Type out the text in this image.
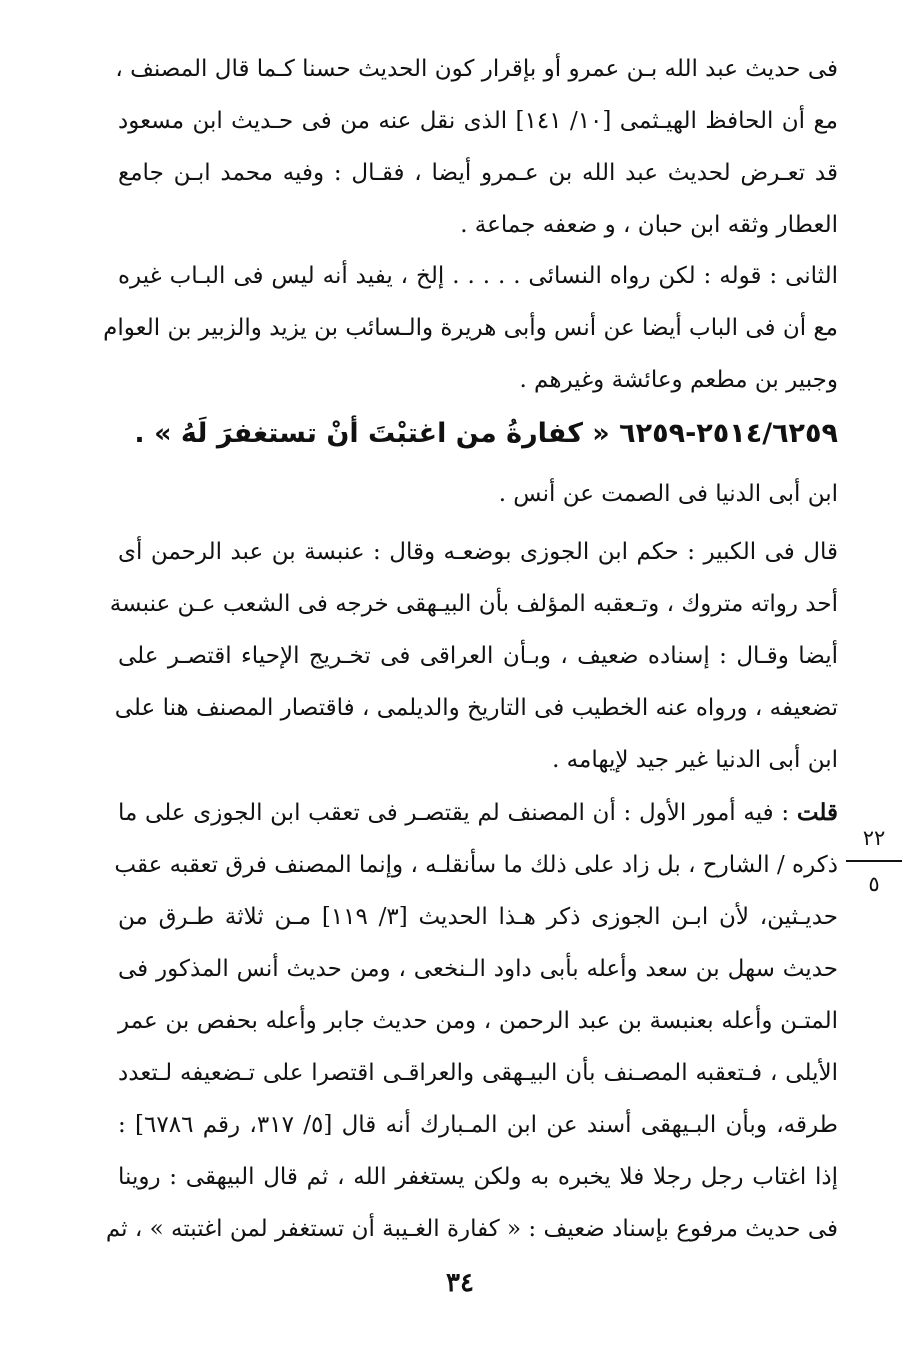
فى حديث عبد الله بـن عمرو أو بإقرار كون الحديث حسنا كـما قال المصنف ،
مع أن الحافظ الهيـثمى [١٠/ ١٤١] الذى نقل عنه من فى حـديث ابن مسعود
قد تعـرض لحديث عبد الله بن عـمرو أيضا ، فقـال : وفيه محمد ابـن جامع
العطار وثقه ابن حبان ، و ضعفه جماعة .
الثانى : قوله : لكن رواه النسائى . . . . . إلخ ، يفيد أنه ليس فى البـاب غيره
مع أن فى الباب أيضا عن أنس وأبى هريرة والـسائب بن يزيد والزبير بن العوام
وجبير بن مطعم وعائشة وغيرهم .
٢٥١٤/٦٢٥٩-٦٢٥٩ « كفارةُ من اغتبْتَ أنْ تستغفرَ لَهُ » .
ابن أبى الدنيا فى الصمت عن أنس .
قال فى الكبير : حكم ابن الجوزى بوضعـه وقال : عنبسة بن عبد الرحمن أى
أحد رواته متروك ، وتـعقبه المؤلف بأن البيـهقى خرجه فى الشعب عـن عنبسة
أيضا وقـال : إسناده ضعيف ، وبـأن العراقى فى تخـريج الإحياء اقتصـر على
تضعيفه ، ورواه عنه الخطيب فى التاريخ والديلمى ، فاقتصار المصنف هنا على
ابن أبى الدنيا غير جيد لإيهامه .
قلت : فيه أمور الأول : أن المصنف لم يقتصـر فى تعقب ابن الجوزى على ما
ذكره / الشارح ، بل زاد على ذلك ما سأنقلـه ، وإنما المصنف فرق تعقبه عقب
حديـثين، لأن ابـن الجوزى ذكر هـذا الحديث [٣/ ١١٩] مـن ثلاثة طـرق من
حديث سهل بن سعد وأعله بأبى داود الـنخعى ، ومن حديث أنس المذكور فى
المتـن وأعله بعنبسة بن عبد الرحمن ، ومن حديث جابر وأعله بحفص بن عمر
الأيلى ، فـتعقبه المصـنف بأن البيـهقى والعراقـى اقتصرا على تـضعيفه لـتعدد
طرقه، وبأن البـيهقى أسند عن ابن المـبارك أنه قال [٥/ ٣١٧، رقم ٦٧٨٦] :
إذا اغتاب رجل رجلا فلا يخبره به ولكن يستغفر الله ، ثم قال البيهقى : روينا
فى حديث مرفوع بإسناد ضعيف : « كفارة الغـيبة أن تستغفر لمن اغتبته » ، ثم
٢٢
٥
٣٤
